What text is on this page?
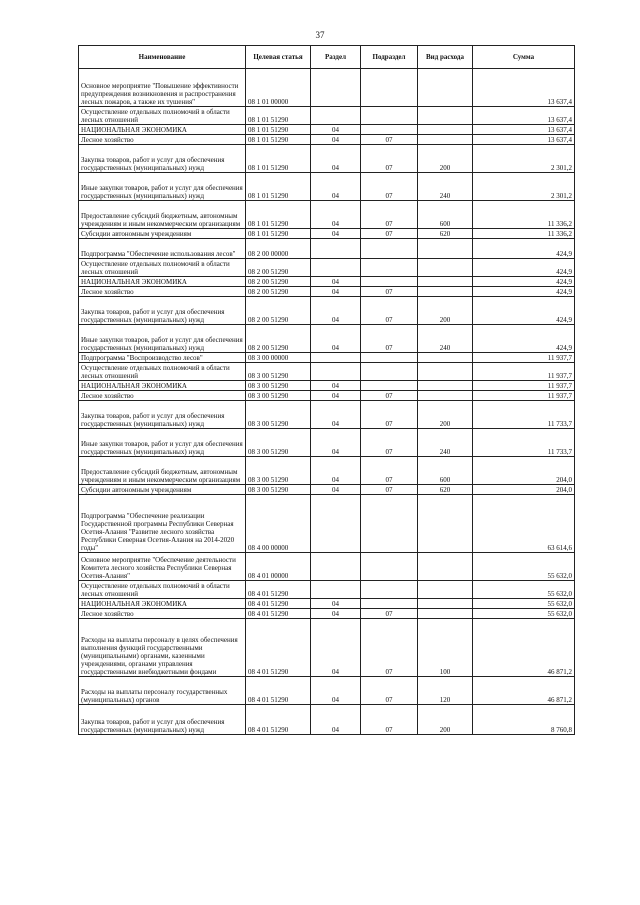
37
Наименование	Целевая статья	Раздел	Подраздел	Вид расхода	Сумма
Основное мероприятие "Повышение эффективности предупреждения возникновения и распространения лесных пожаров, а также их тушения"	08 1 01 00000				13 637,4
Осуществление отдельных полномочий в области лесных отношений	08 1 01 51290				13 637,4
НАЦИОНАЛЬНАЯ ЭКОНОМИКА	08 1 01 51290	04			13 637,4
Лесное хозяйство	08 1 01 51290	04	07		13 637,4
Закупка товаров, работ и услуг для обеспечения государственных (муниципальных) нужд	08 1 01 51290	04	07	200	2 301,2
Иные закупки товаров, работ и услуг для обеспечения государственных (муниципальных) нужд	08 1 01 51290	04	07	240	2 301,2
Предоставление субсидий бюджетным, автономным учреждениям и иным некоммерческим организациям	08 1 01 51290	04	07	600	11 336,2
Субсидии автономным учреждениям	08 1 01 51290	04	07	620	11 336,2
Подпрограмма "Обеспечение использования лесов"	08 2 00 00000				424,9
Осуществление отдельных полномочий в области лесных отношений	08 2 00 51290				424,9
НАЦИОНАЛЬНАЯ ЭКОНОМИКА	08 2 00 51290	04			424,9
Лесное хозяйство	08 2 00 51290	04	07		424,9
Закупка товаров, работ и услуг для обеспечения государственных (муниципальных) нужд	08 2 00 51290	04	07	200	424,9
Иные закупки товаров, работ и услуг для обеспечения государственных (муниципальных) нужд	08 2 00 51290	04	07	240	424,9
Подпрограмма "Воспроизводство лесов"	08 3 00 00000				11 937,7
Осуществление отдельных полномочий в области лесных отношений	08 3 00 51290				11 937,7
НАЦИОНАЛЬНАЯ ЭКОНОМИКА	08 3 00 51290	04			11 937,7
Лесное хозяйство	08 3 00 51290	04	07		11 937,7
Закупка товаров, работ и услуг для обеспечения государственных (муниципальных) нужд	08 3 00 51290	04	07	200	11 733,7
Иные закупки товаров, работ и услуг для обеспечения государственных (муниципальных) нужд	08 3 00 51290	04	07	240	11 733,7
Предоставление субсидий бюджетным, автономным учреждениям и иным некоммерческим организациям	08 3 00 51290	04	07	600	204,0
Субсидии автономным учреждениям	08 3 00 51290	04	07	620	204,0
Подпрограмма "Обеспечение реализации Государственной программы Республики Северная Осетия-Алания "Развитие лесного хозяйства Республики Северная Осетия-Алания на 2014-2020 годы"	08 4 00 00000				63 614,6
Основное мероприятие "Обеспечение деятельности Комитета лесного хозяйства Республики Северная Осетия-Алания"	08 4 01 00000				55 632,0
Осуществление отдельных полномочий в области лесных отношений	08 4 01 51290				55 632,0
НАЦИОНАЛЬНАЯ ЭКОНОМИКА	08 4 01 51290	04			55 632,0
Лесное хозяйство	08 4 01 51290	04	07		55 632,0
Расходы на выплаты персоналу в целях обеспечения выполнения функций государственными (муниципальными) органами, казенными учреждениями, органами управления государственными внебюджетными фондами	08 4 01 51290	04	07	100	46 871,2
Расходы на выплаты персоналу государственных (муниципальных) органов	08 4 01 51290	04	07	120	46 871,2
Закупка товаров, работ и услуг для обеспечения государственных (муниципальных) нужд	08 4 01 51290	04	07	200	8 760,8
